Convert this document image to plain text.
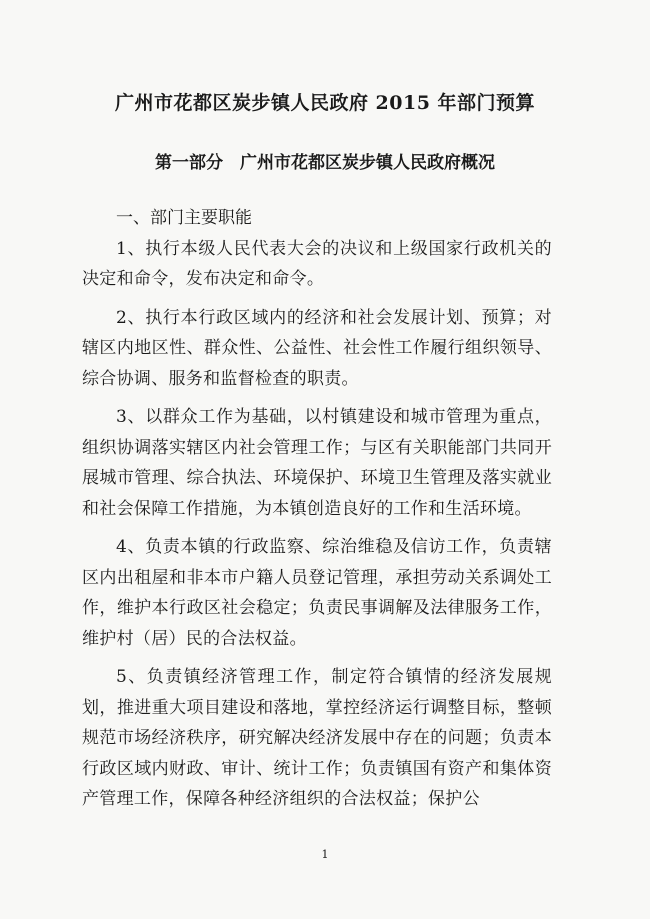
广州市花都区炭步镇人民政府 2015 年部门预算
第一部分　广州市花都区炭步镇人民政府概况

一、部门主要职能

1、执行本级人民代表大会的决议和上级国家行政机关的决定和命令，发布决定和命令。

2、执行本行政区域内的经济和社会发展计划、预算；对辖区内地区性、群众性、公益性、社会性工作履行组织领导、综合协调、服务和监督检查的职责。

3、以群众工作为基础，以村镇建设和城市管理为重点，组织协调落实辖区内社会管理工作；与区有关职能部门共同开展城市管理、综合执法、环境保护、环境卫生管理及落实就业和社会保障工作措施，为本镇创造良好的工作和生活环境。

4、负责本镇的行政监察、综治维稳及信访工作，负责辖区内出租屋和非本市户籍人员登记管理，承担劳动关系调处工作，维护本行政区社会稳定；负责民事调解及法律服务工作，维护村（居）民的合法权益。

5、负责镇经济管理工作，制定符合镇情的经济发展规划，推进重大项目建设和落地，掌控经济运行调整目标，整顿规范市场经济秩序，研究解决经济发展中存在的问题；负责本行政区域内财政、审计、统计工作；负责镇国有资产和集体资产管理工作，保障各种经济组织的合法权益；保护公

1
